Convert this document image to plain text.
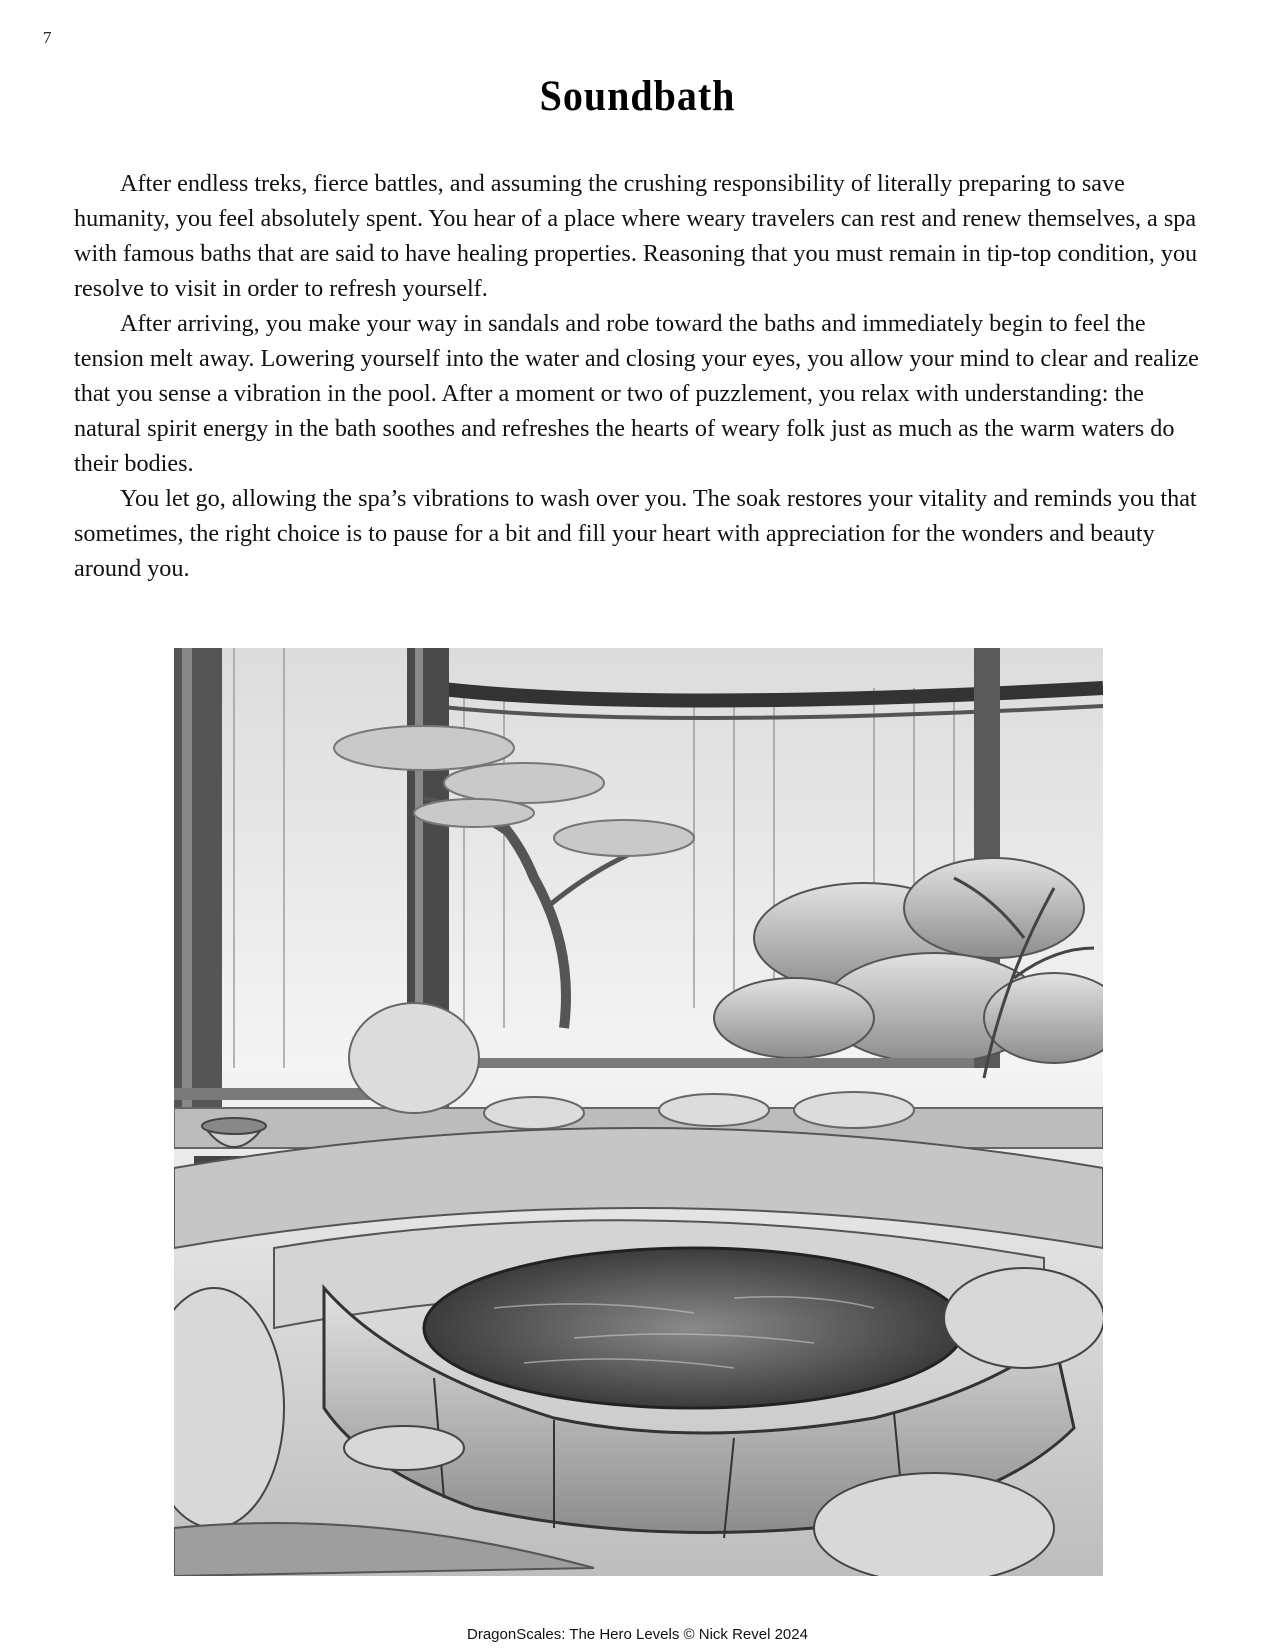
7
Soundbath

After endless treks, fierce battles, and assuming the crushing responsibility of literally preparing to save humanity, you feel absolutely spent. You hear of a place where weary travelers can rest and renew themselves, a spa with famous baths that are said to have healing properties. Reasoning that you must remain in tip-top condition, you resolve to visit in order to refresh yourself.

After arriving, you make your way in sandals and robe toward the baths and immediately begin to feel the tension melt away. Lowering yourself into the water and closing your eyes, you allow your mind to clear and realize that you sense a vibration in the pool. After a moment or two of puzzlement, you relax with understanding: the natural spirit energy in the bath soothes and refreshes the hearts of weary folk just as much as the warm waters do their bodies.

You let go, allowing the spa’s vibrations to wash over you. The soak restores your vitality and reminds you that sometimes, the right choice is to pause for a bit and fill your heart with appreciation for the wonders and beauty around you.

DragonScales: The Hero Levels © Nick Revel 2024
